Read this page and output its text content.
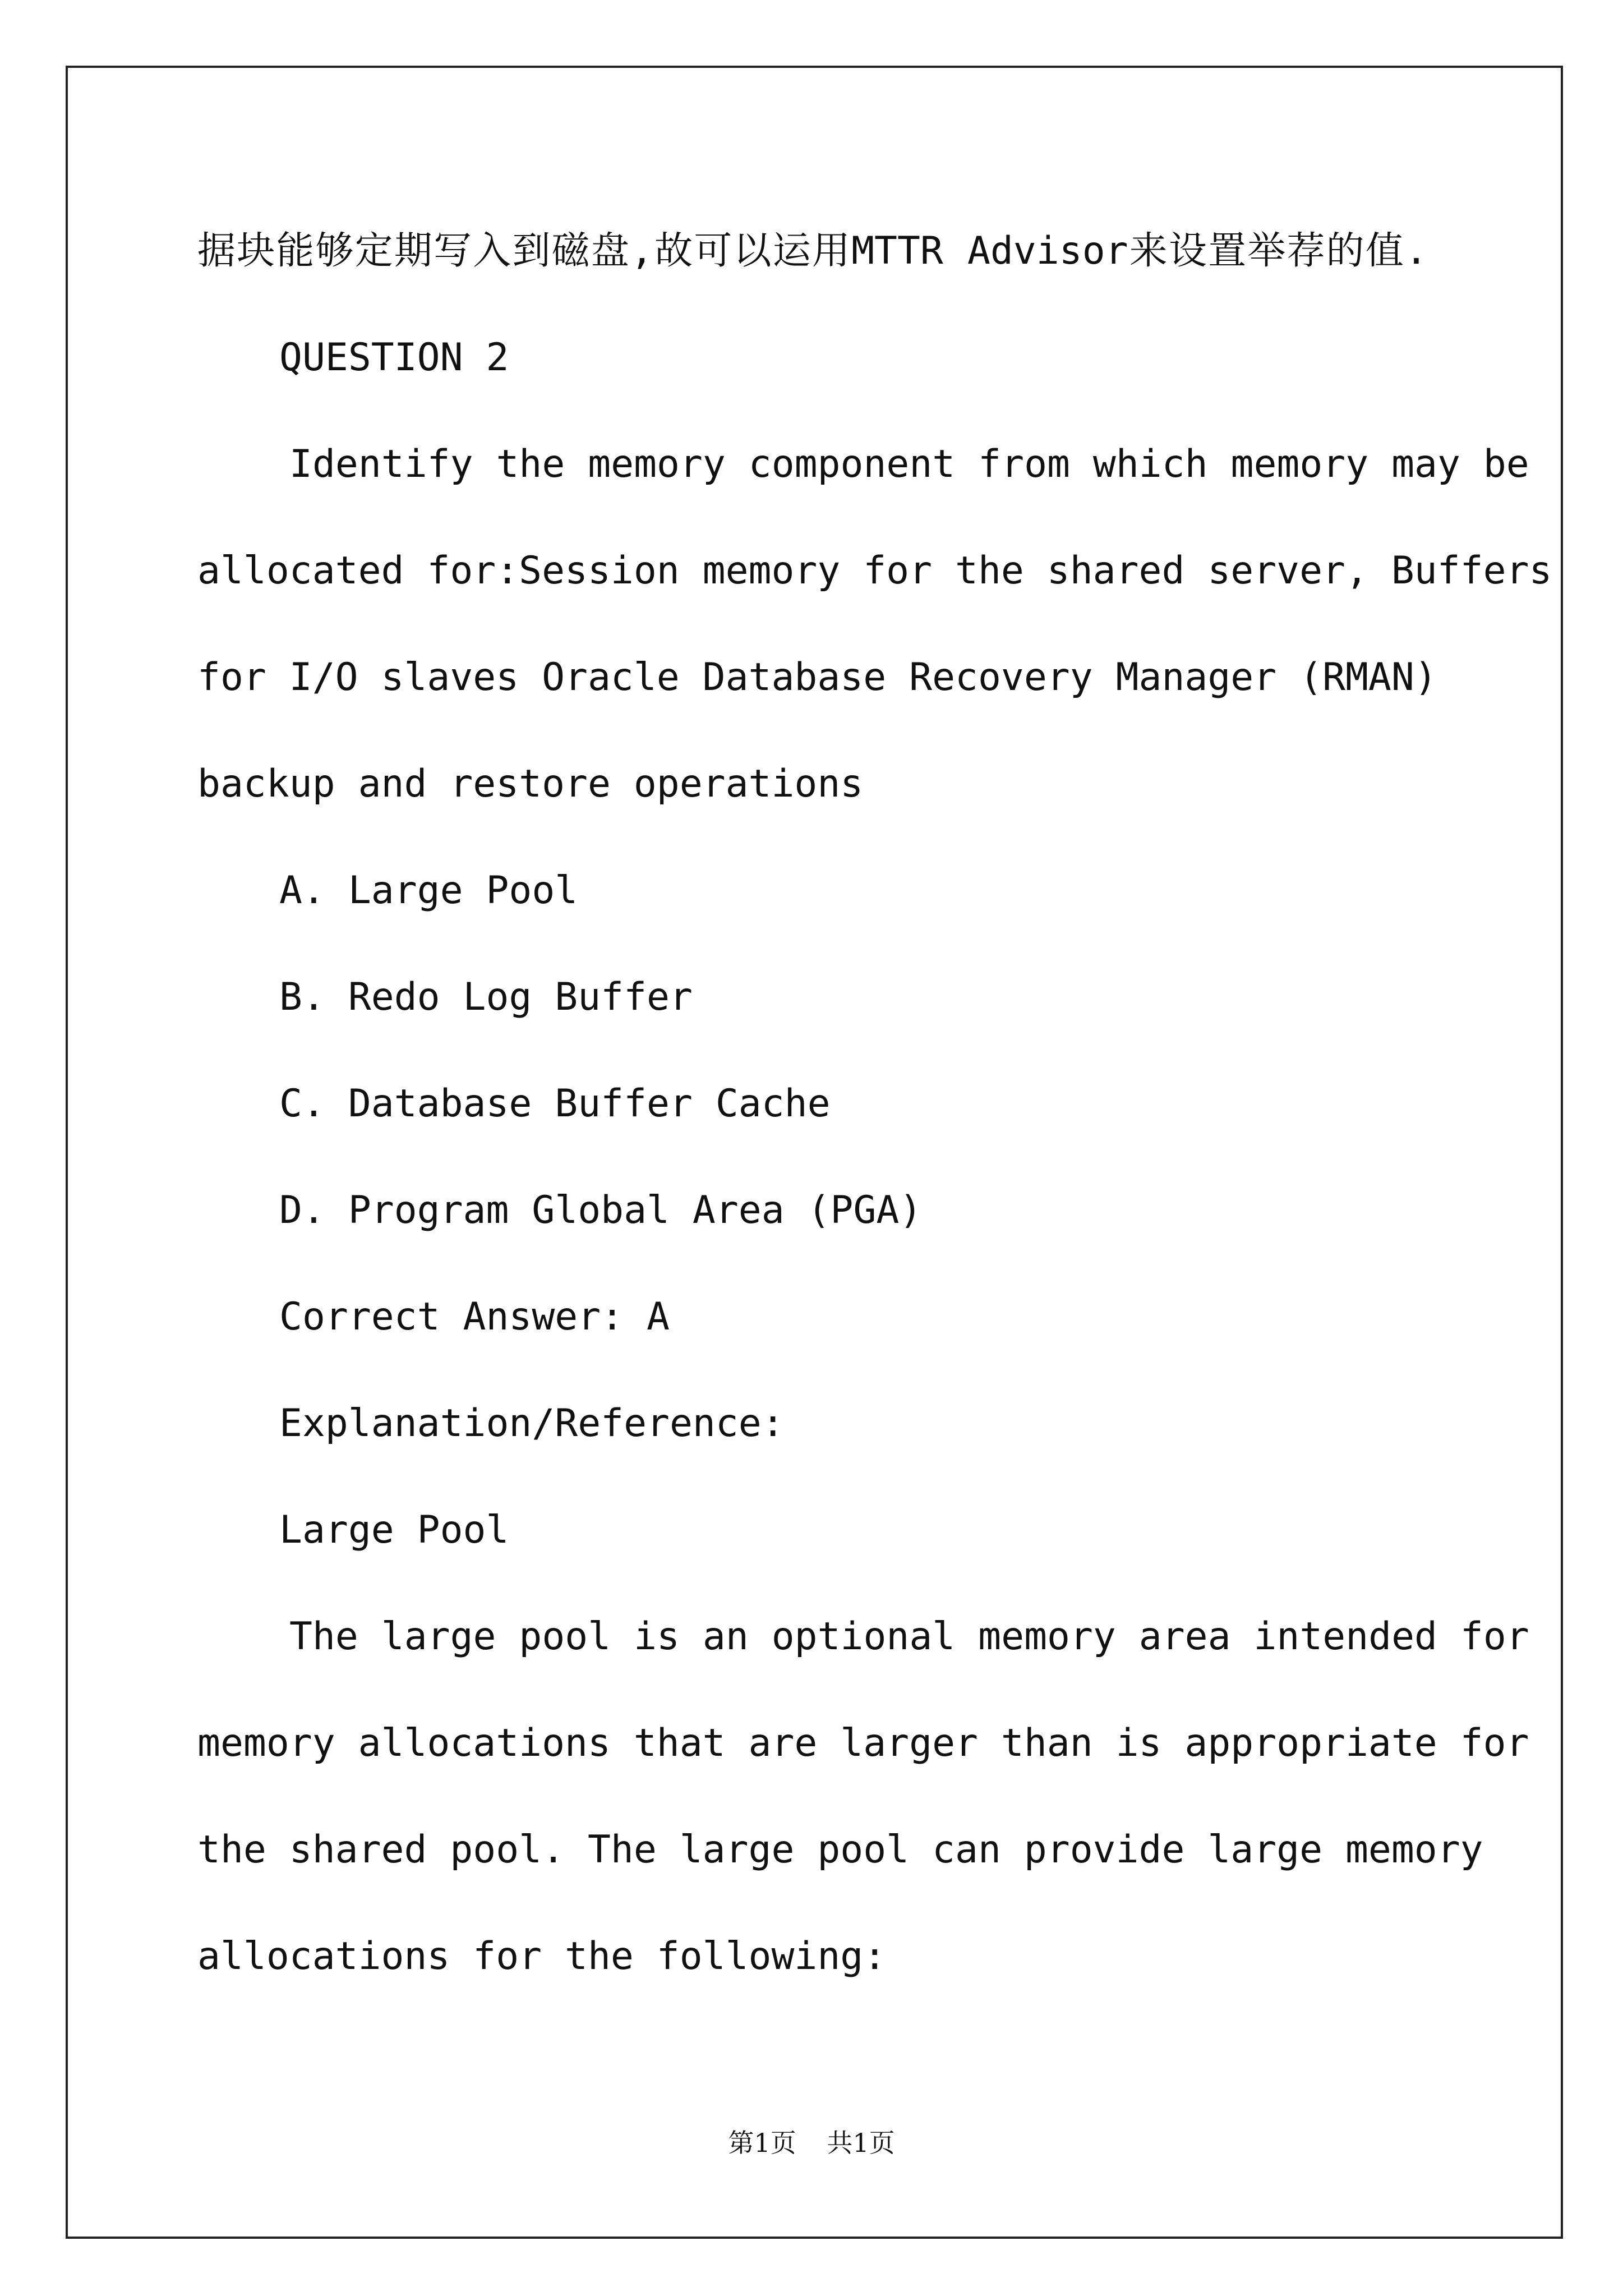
据块能够定期写入到磁盘,故可以运用MTTR Advisor来设置举荐的值.
QUESTION 2
Identify the memory component from which memory may be
allocated for:Session memory for the shared server, Buffers
for I/O slaves Oracle Database Recovery Manager (RMAN)
backup and restore operations
A. Large Pool
B. Redo Log Buffer
C. Database Buffer Cache
D. Program Global Area (PGA)
Correct Answer: A
Explanation/Reference:
Large Pool
The large pool is an optional memory area intended for
memory allocations that are larger than is appropriate for
the shared pool. The large pool can provide large memory
allocations for the following:
第1页 共1页
